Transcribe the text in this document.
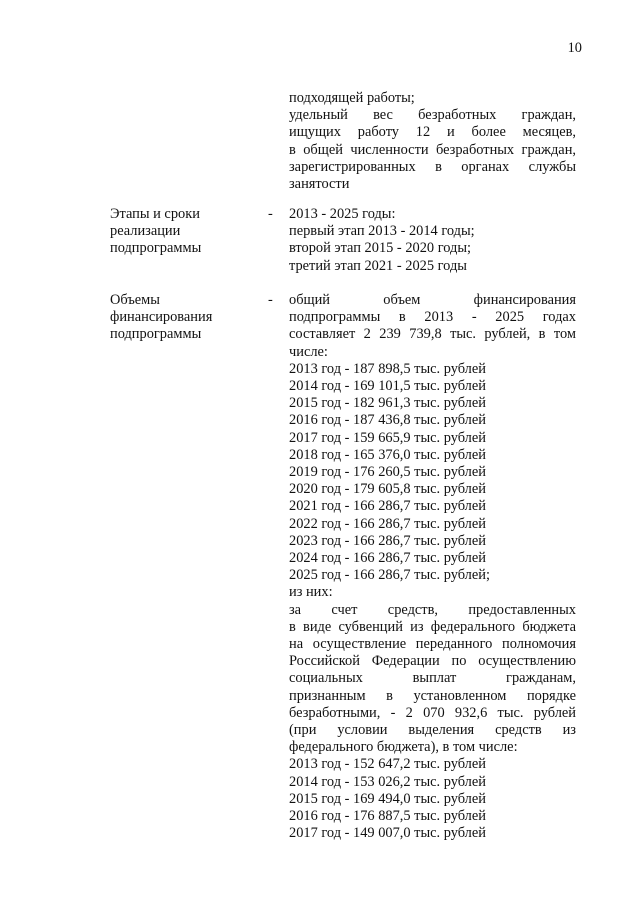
10
подходящей работы;
удельный вес безработных граждан,
ищущих работу 12 и более месяцев,
в общей численности безработных граждан,
зарегистрированных в органах службы
занятости
Этапы и сроки
реализации
подпрограммы
-	2013 - 2025 годы:
первый этап 2013 - 2014 годы;
второй этап 2015 - 2020 годы;
третий этап 2021 - 2025 годы
Объемы
финансирования
подпрограммы
-	общий объем финансирования
подпрограммы в 2013 - 2025 годах
составляет 2 239 739,8 тыс. рублей, в том
числе:
2013 год - 187 898,5 тыс. рублей
2014 год - 169 101,5 тыс. рублей
2015 год - 182 961,3 тыс. рублей
2016 год - 187 436,8 тыс. рублей
2017 год - 159 665,9 тыс. рублей
2018 год - 165 376,0 тыс. рублей
2019 год - 176 260,5 тыс. рублей
2020 год - 179 605,8 тыс. рублей
2021 год - 166 286,7 тыс. рублей
2022 год - 166 286,7 тыс. рублей
2023 год - 166 286,7 тыс. рублей
2024 год - 166 286,7 тыс. рублей
2025 год - 166 286,7 тыс. рублей;
из них:
за счет средств, предоставленных
в виде субвенций из федерального бюджета
на осуществление переданного полномочия
Российской Федерации по осуществлению
социальных выплат гражданам,
признанным в установленном порядке
безработными, - 2 070 932,6 тыс. рублей
(при условии выделения средств из
федерального бюджета), в том числе:
2013 год - 152 647,2 тыс. рублей
2014 год - 153 026,2 тыс. рублей
2015 год - 169 494,0 тыс. рублей
2016 год - 176 887,5 тыс. рублей
2017 год - 149 007,0 тыс. рублей
